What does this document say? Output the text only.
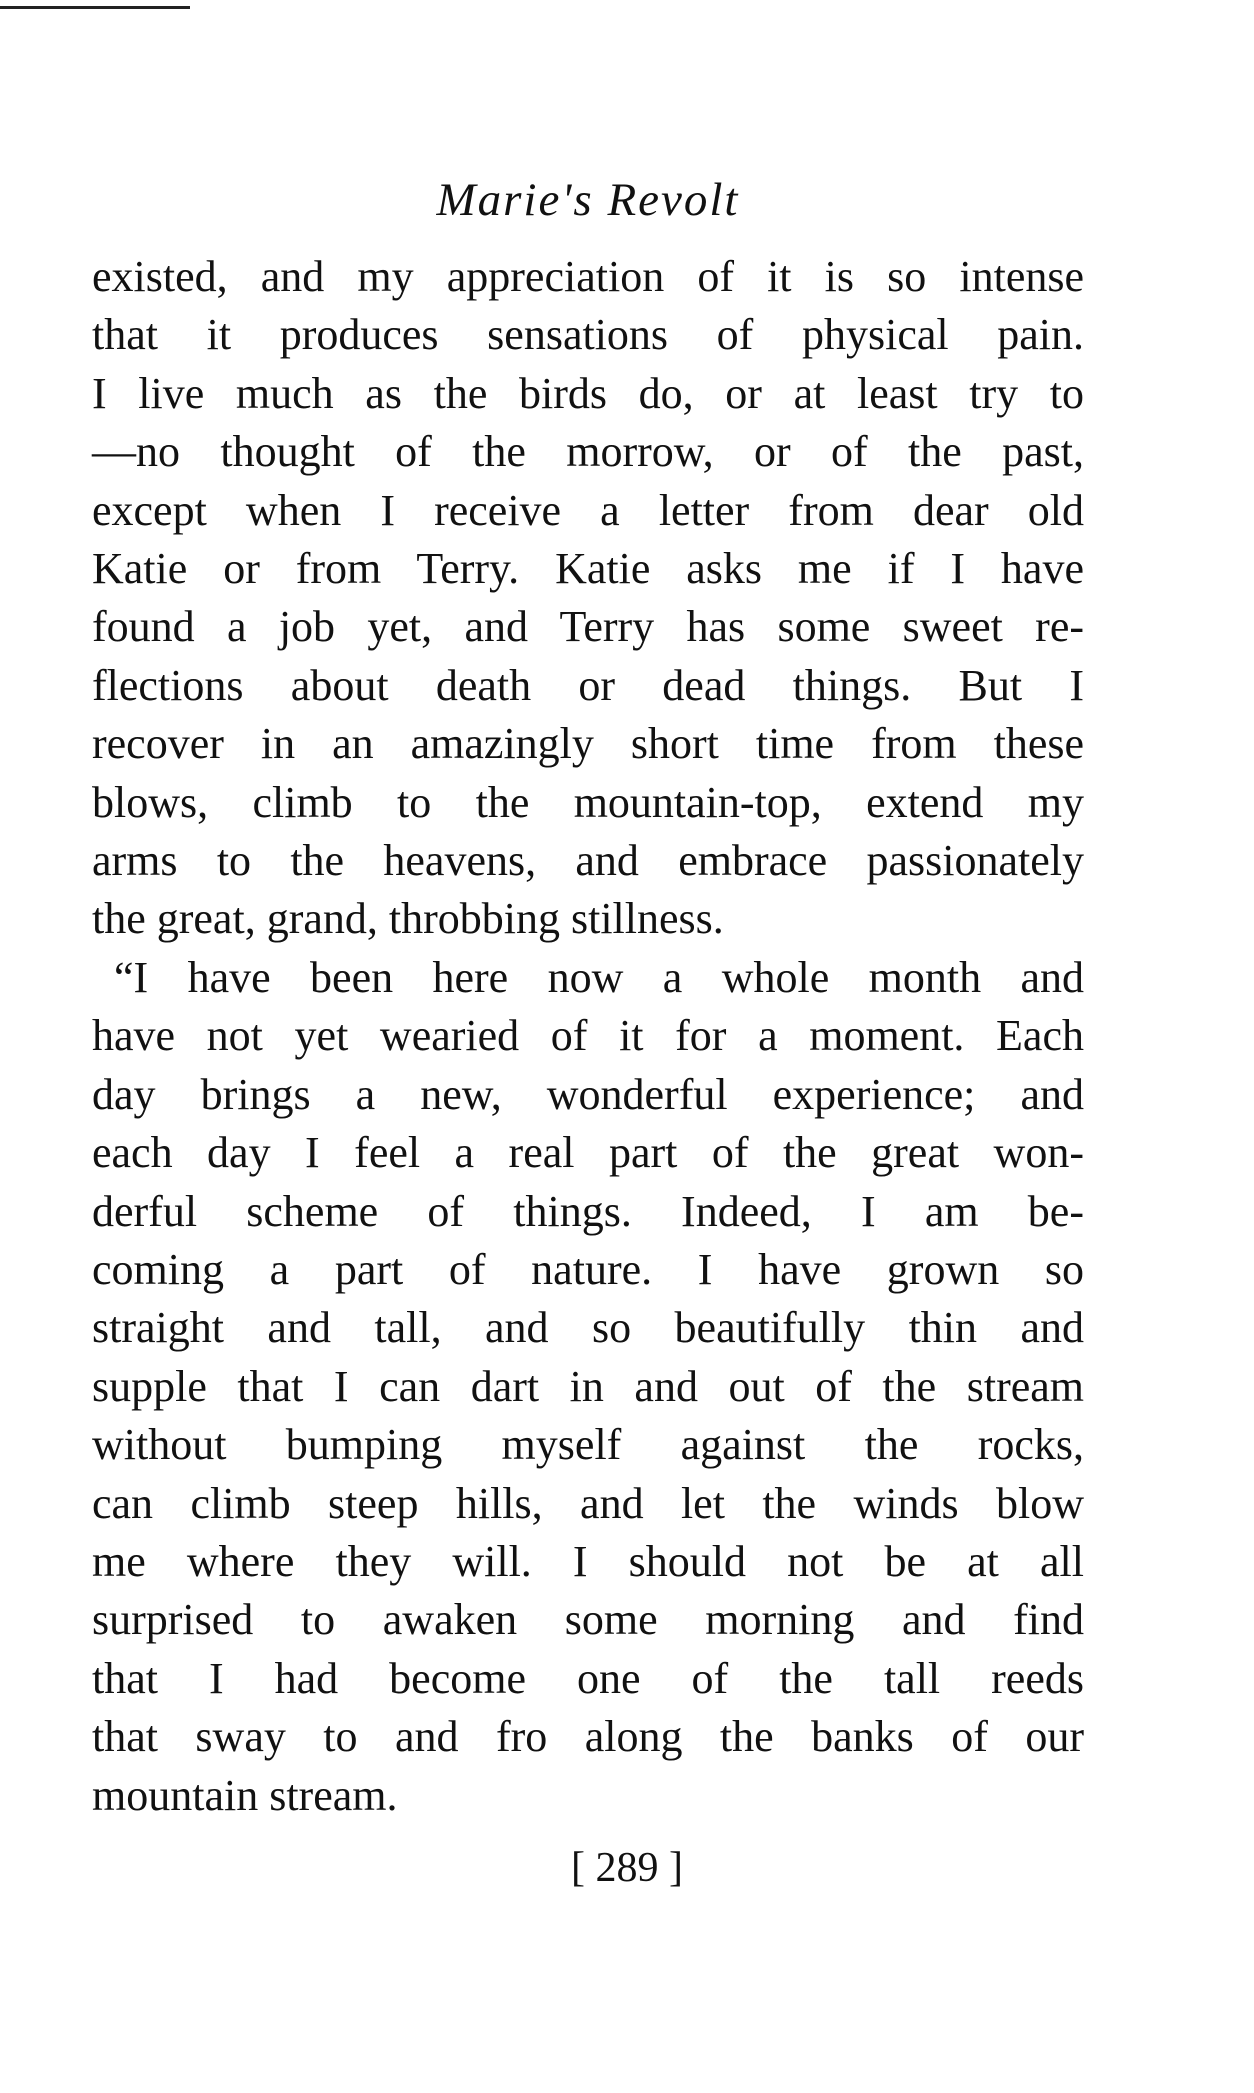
Marie's Revolt
existed, and my appreciation of it is so intense
that it produces sensations of physical pain.
I live much as the birds do, or at least try to
—no thought of the morrow, or of the past,
except when I receive a letter from dear old
Katie or from Terry. Katie asks me if I have
found a job yet, and Terry has some sweet re-
flections about death or dead things. But I
recover in an amazingly short time from these
blows, climb to the mountain-top, extend my
arms to the heavens, and embrace passionately
the great, grand, throbbing stillness.
“I have been here now a whole month and
have not yet wearied of it for a moment. Each
day brings a new, wonderful experience; and
each day I feel a real part of the great won-
derful scheme of things. Indeed, I am be-
coming a part of nature. I have grown so
straight and tall, and so beautifully thin and
supple that I can dart in and out of the stream
without bumping myself against the rocks,
can climb steep hills, and let the winds blow
me where they will. I should not be at all
surprised to awaken some morning and find
that I had become one of the tall reeds
that sway to and fro along the banks of our
mountain stream.
[ 289 ]
